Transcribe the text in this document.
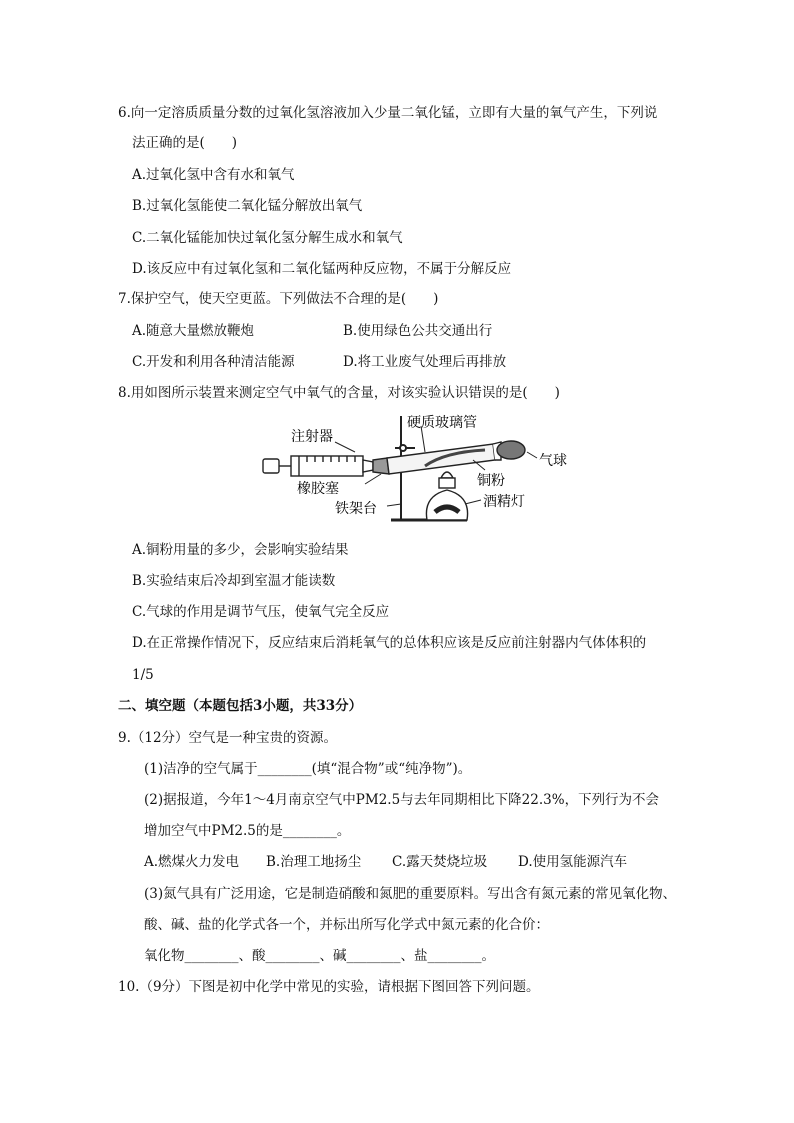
6.向一定溶质质量分数的过氧化氢溶液加入少量二氧化锰，立即有大量的氧气产生，下列说
法正确的是(　　)
A.过氧化氢中含有水和氧气
B.过氧化氢能使二氧化锰分解放出氧气
C.二氧化锰能加快过氧化氢分解生成水和氧气
D.该反应中有过氧化氢和二氧化锰两种反应物，不属于分解反应
7.保护空气，使天空更蓝。下列做法不合理的是(　　)
A.随意大量燃放鞭炮	B.使用绿色公共交通出行
C.开发和利用各种清洁能源	D.将工业废气处理后再排放
8.用如图所示装置来测定空气中氧气的含量，对该实验认识错误的是(　　)
注射器
硬质玻璃管
气球
铜粉
橡胶塞
酒精灯
铁架台
A.铜粉用量的多少，会影响实验结果
B.实验结束后冷却到室温才能读数
C.气球的作用是调节气压，使氧气完全反应
D.在正常操作情况下，反应结束后消耗氧气的总体积应该是反应前注射器内气体体积的
1/5
二、填空题（本题包括3小题，共33分）
9.（12分）空气是一种宝贵的资源。
(1)洁净的空气属于________(填“混合物”或“纯净物”)。
(2)据报道，今年1～4月南京空气中PM2.5与去年同期相比下降22.3%，下列行为不会
增加空气中PM2.5的是________。
A.燃煤火力发电 B.治理工地扬尘 C.露天焚烧垃圾 D.使用氢能源汽车
(3)氮气具有广泛用途，它是制造硝酸和氮肥的重要原料。写出含有氮元素的常见氧化物、
酸、碱、盐的化学式各一个，并标出所写化学式中氮元素的化合价：
氧化物________、酸________、碱________、盐________。
10.（9分）下图是初中化学中常见的实验，请根据下图回答下列问题。
